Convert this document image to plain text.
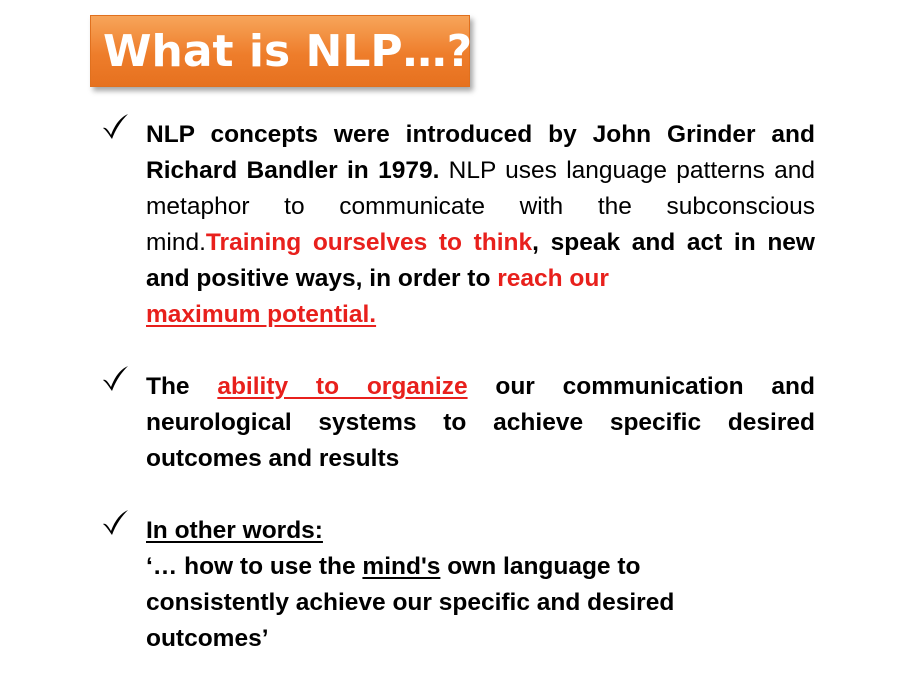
What is NLP…?
NLP concepts were introduced by John Grinder and Richard Bandler in 1979. NLP uses language patterns and metaphor to communicate with the subconscious mind.Training ourselves to think, speak and act in new and positive ways, in order to reach our
maximum potential.
The ability to organize our communication and neurological systems to achieve specific desired outcomes and results
In other words:
‘… how to use the mind's own language to
consistently achieve our specific and desired
outcomes’
